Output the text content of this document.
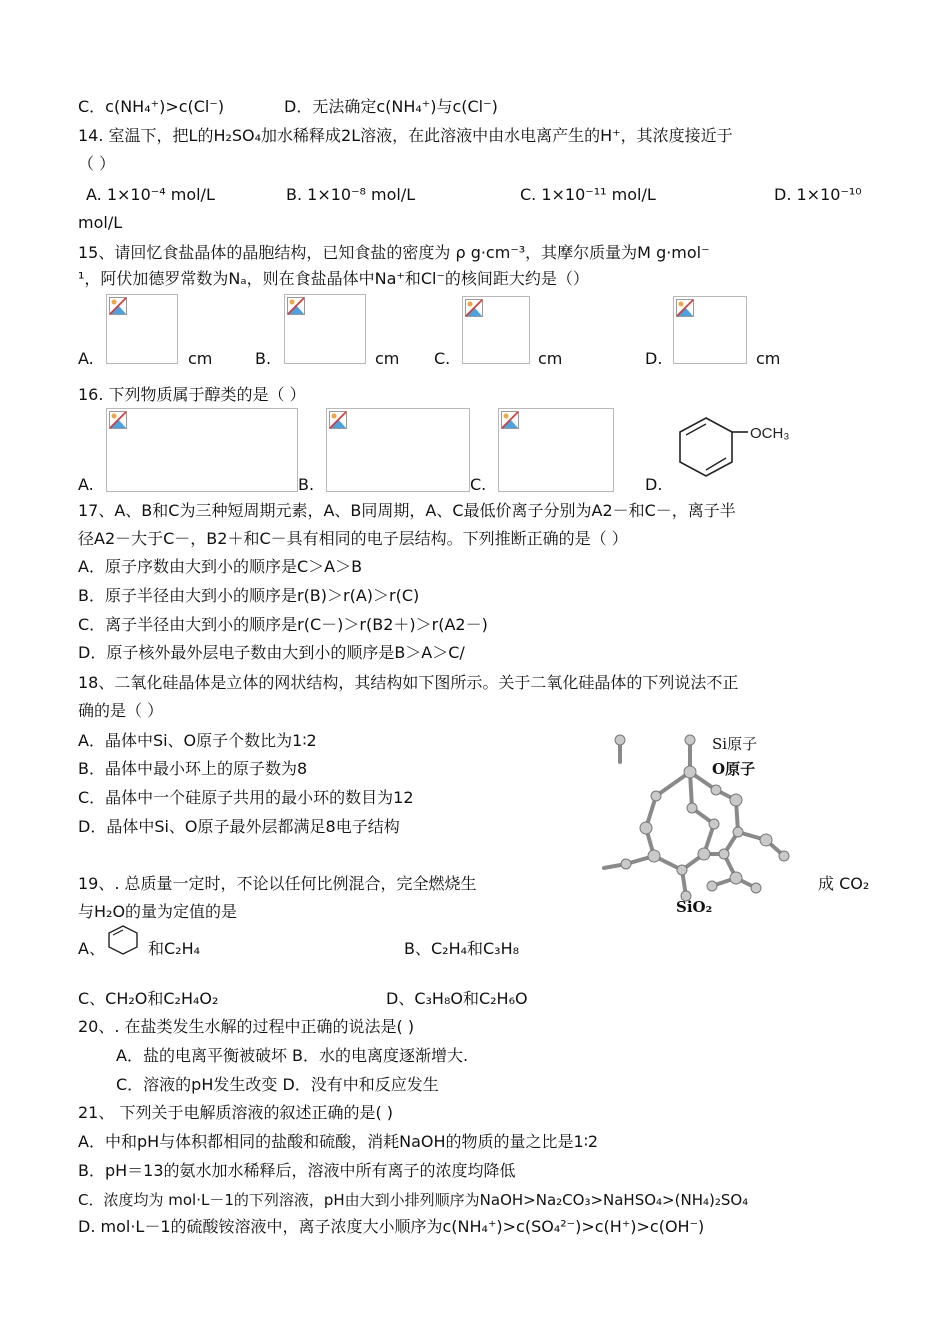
C．c(NH₄⁺)>c(Cl⁻)	D．无法确定c(NH₄⁺)与c(Cl⁻)
14. 室温下，把L的H₂SO₄加水稀释成2L溶液，在此溶液中由水电离产生的H⁺，其浓度接近于
（ ）
A. 1×10⁻⁴ mol/L	B. 1×10⁻⁸ mol/L	C. 1×10⁻¹¹ mol/L	D. 1×10⁻¹⁰
mol/L
15、请回忆食盐晶体的晶胞结构，已知食盐的密度为 ρ g·cm⁻³，其摩尔质量为M g·mol⁻
¹，阿伏加德罗常数为Nₐ，则在食盐晶体中Na⁺和Cl⁻的核间距大约是（）
A.	cm	B.	cm C.	cm	D.	cm
16. 下列物质属于醇类的是（ ）
A.	B.	C.	D.
OCH₃
17、A、B和C为三种短周期元素，A、B同周期，A、C最低价离子分别为A2－和C－，离子半
径A2－大于C－，B2＋和C－具有相同的电子层结构。下列推断正确的是（ ）
A．原子序数由大到小的顺序是C＞A＞B
B．原子半径由大到小的顺序是r(B)＞r(A)＞r(C)
C．离子半径由大到小的顺序是r(C－)＞r(B2＋)＞r(A2－)
D．原子核外最外层电子数由大到小的顺序是B＞A＞C/
18、二氧化硅晶体是立体的网状结构，其结构如下图所示。关于二氧化硅晶体的下列说法不正
确的是（ ）
A．晶体中Si、O原子个数比为1∶2
B．晶体中最小环上的原子数为8
C．晶体中一个硅原子共用的最小环的数目为12
D．晶体中Si、O原子最外层都满足8电子结构
Si原子
O原子
SiO₂
19、. 总质量一定时，不论以任何比例混合，完全燃烧生	成 CO₂
与H₂O的量为定值的是
A、	和C₂H₄	B、C₂H₄和C₃H₈
C、CH₂O和C₂H₄O₂	D、C₃H₈O和C₂H₆O
20、. 在盐类发生水解的过程中正确的说法是( )
A．盐的电离平衡被破坏 B．水的电离度逐渐增大.
C．溶液的pH发生改变 D．没有中和反应发生
21、 下列关于电解质溶液的叙述正确的是( )
A．中和pH与体积都相同的盐酸和硫酸，消耗NaOH的物质的量之比是1∶2
B．pH＝13的氨水加水稀释后，溶液中所有离子的浓度均降低
C．浓度均为 mol·L－1的下列溶液，pH由大到小排列顺序为NaOH>Na₂CO₃>NaHSO₄>(NH₄)₂SO₄
D. mol·L－1的硫酸铵溶液中，离子浓度大小顺序为c(NH₄⁺)>c(SO₄²⁻)>c(H⁺)>c(OH⁻)
